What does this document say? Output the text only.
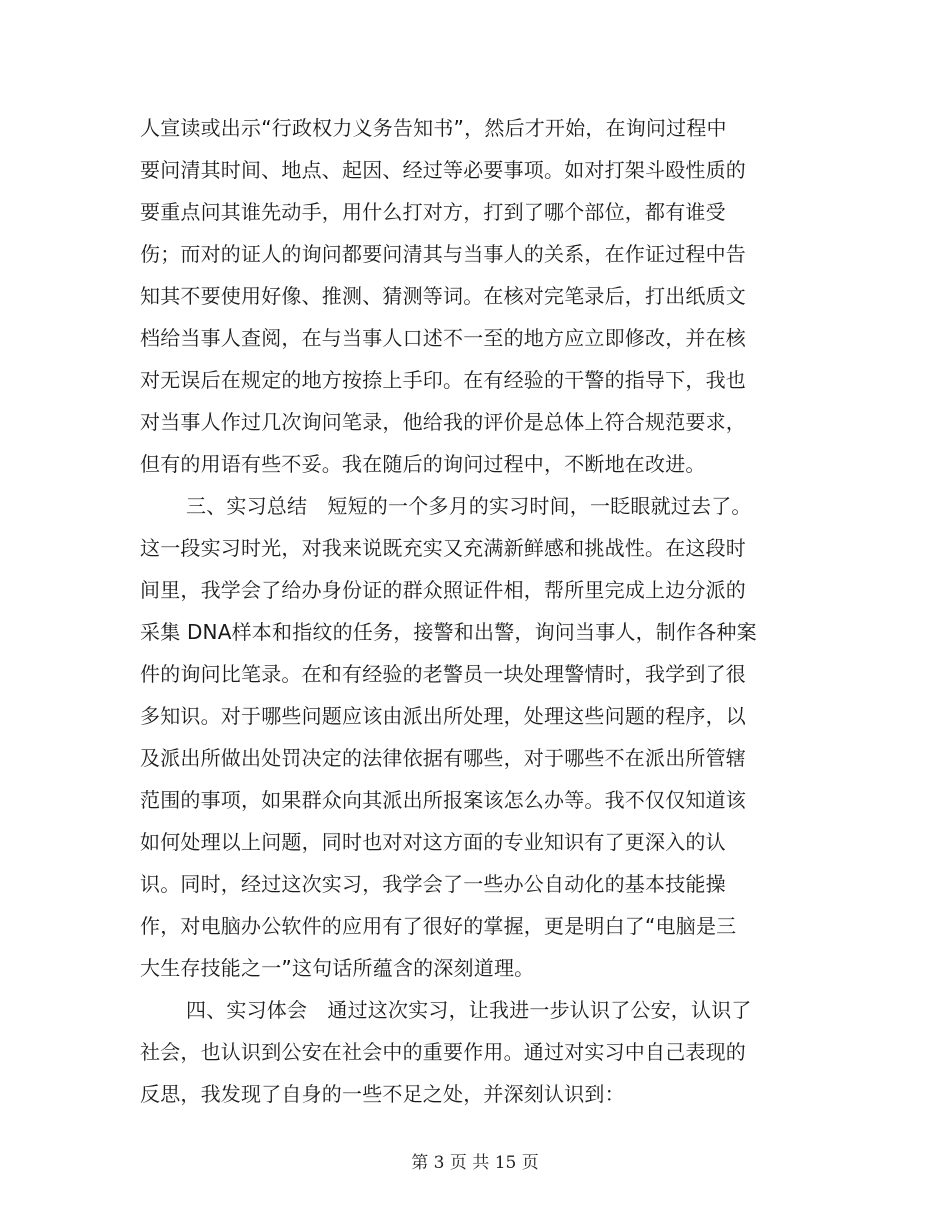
人宣读或出示“行政权力义务告知书”，然后才开始，在询问过程中
要问清其时间、地点、起因、经过等必要事项。如对打架斗殴性质的
要重点问其谁先动手，用什么打对方，打到了哪个部位，都有谁受
伤；而对的证人的询问都要问清其与当事人的关系，在作证过程中告
知其不要使用好像、推测、猜测等词。在核对完笔录后，打出纸质文
档给当事人查阅，在与当事人口述不一至的地方应立即修改，并在核
对无误后在规定的地方按捺上手印。在有经验的干警的指导下，我也
对当事人作过几次询问笔录，他给我的评价是总体上符合规范要求，
但有的用语有些不妥。我在随后的询问过程中，不断地在改进。
三、实习总结　短短的一个多月的实习时间，一眨眼就过去了。
这一段实习时光，对我来说既充实又充满新鲜感和挑战性。在这段时
间里，我学会了给办身份证的群众照证件相，帮所里完成上边分派的
采集 DNA样本和指纹的任务，接警和出警，询问当事人，制作各种案
件的询问比笔录。在和有经验的老警员一块处理警情时，我学到了很
多知识。对于哪些问题应该由派出所处理，处理这些问题的程序，以
及派出所做出处罚决定的法律依据有哪些，对于哪些不在派出所管辖
范围的事项，如果群众向其派出所报案该怎么办等。我不仅仅知道该
如何处理以上问题，同时也对对这方面的专业知识有了更深入的认
识。同时，经过这次实习，我学会了一些办公自动化的基本技能操
作，对电脑办公软件的应用有了很好的掌握，更是明白了“电脑是三
大生存技能之一”这句话所蕴含的深刻道理。
四、实习体会　通过这次实习，让我进一步认识了公安，认识了
社会，也认识到公安在社会中的重要作用。通过对实习中自己表现的
反思，我发现了自身的一些不足之处，并深刻认识到：
第 3 页 共 15 页
